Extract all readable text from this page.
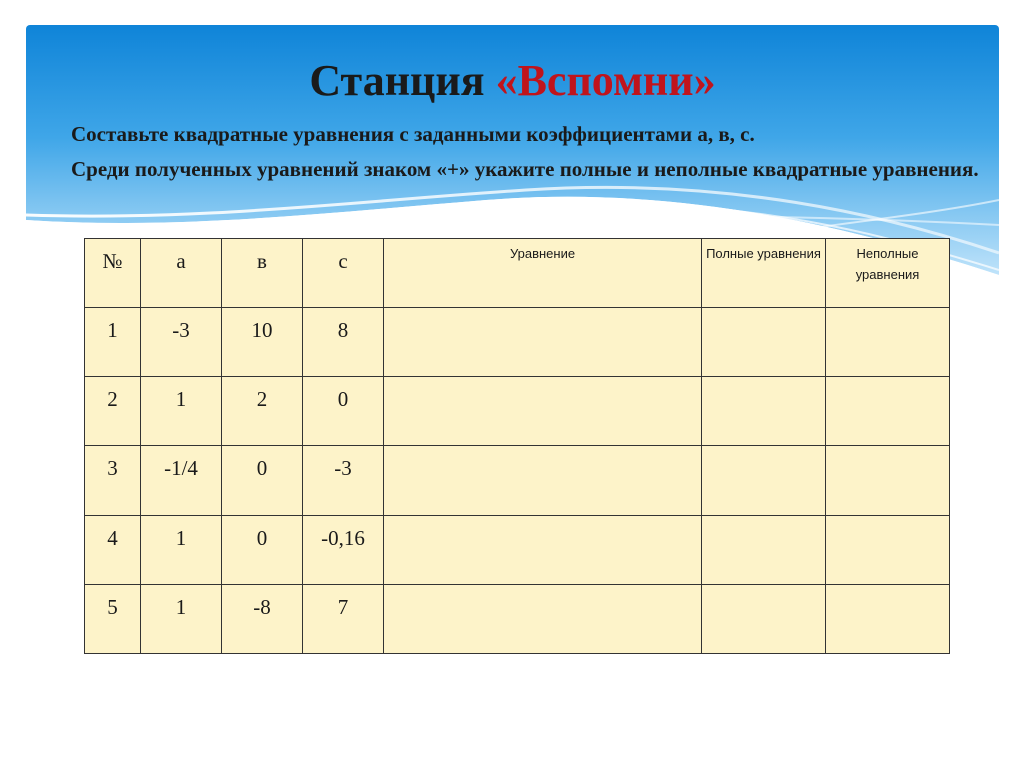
Станция «Вспомни»

Составьте квадратные уравнения с заданными коэффициентами а, в, с.

Среди полученных уравнений знаком «+» укажите полные и неполные квадратные уравнения.

№	а	в	с	Уравнение	Полные уравнения	Неполные уравнения
1	-3	10	8			
2	1	2	0			
3	-1/4	0	-3			
4	1	0	-0,16			
5	1	-8	7			
